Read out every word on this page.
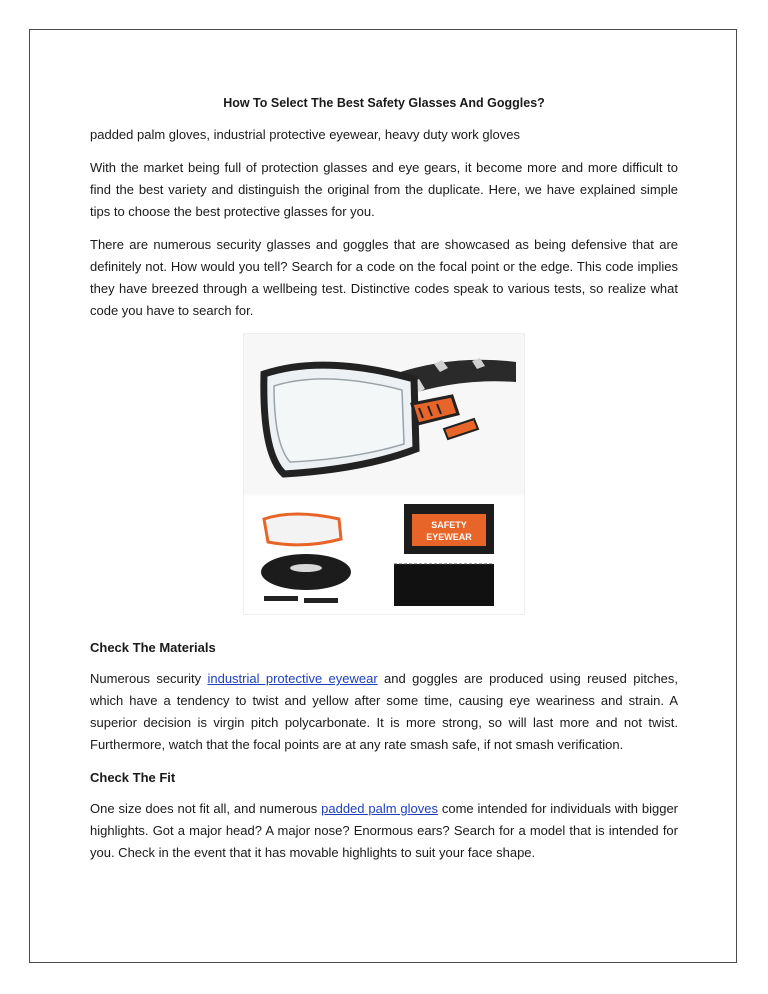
How To Select The Best Safety Glasses And Goggles?

padded palm gloves, industrial protective eyewear, heavy duty work gloves

With the market being full of protection glasses and eye gears, it become more and more difficult to find the best variety and distinguish the original from the duplicate. Here, we have explained simple tips to choose the best protective glasses for you.

There are numerous security glasses and goggles that are showcased as being defensive that are definitely not. How would you tell? Search for a code on the focal point or the edge. This code implies they have breezed through a wellbeing test. Distinctive codes speak to various tests, so realize what code you have to search for.

SAFETY
EYEWEAR
Check The Materials

Numerous security industrial protective eyewear and goggles are produced using reused pitches, which have a tendency to twist and yellow after some time, causing eye weariness and strain. A superior decision is virgin pitch polycarbonate. It is more strong, so will last more and not twist. Furthermore, watch that the focal points are at any rate smash safe, if not smash verification.

Check The Fit

One size does not fit all, and numerous padded palm gloves come intended for individuals with bigger highlights. Got a major head? A major nose? Enormous ears? Search for a model that is intended for you. Check in the event that it has movable highlights to suit your face shape.
